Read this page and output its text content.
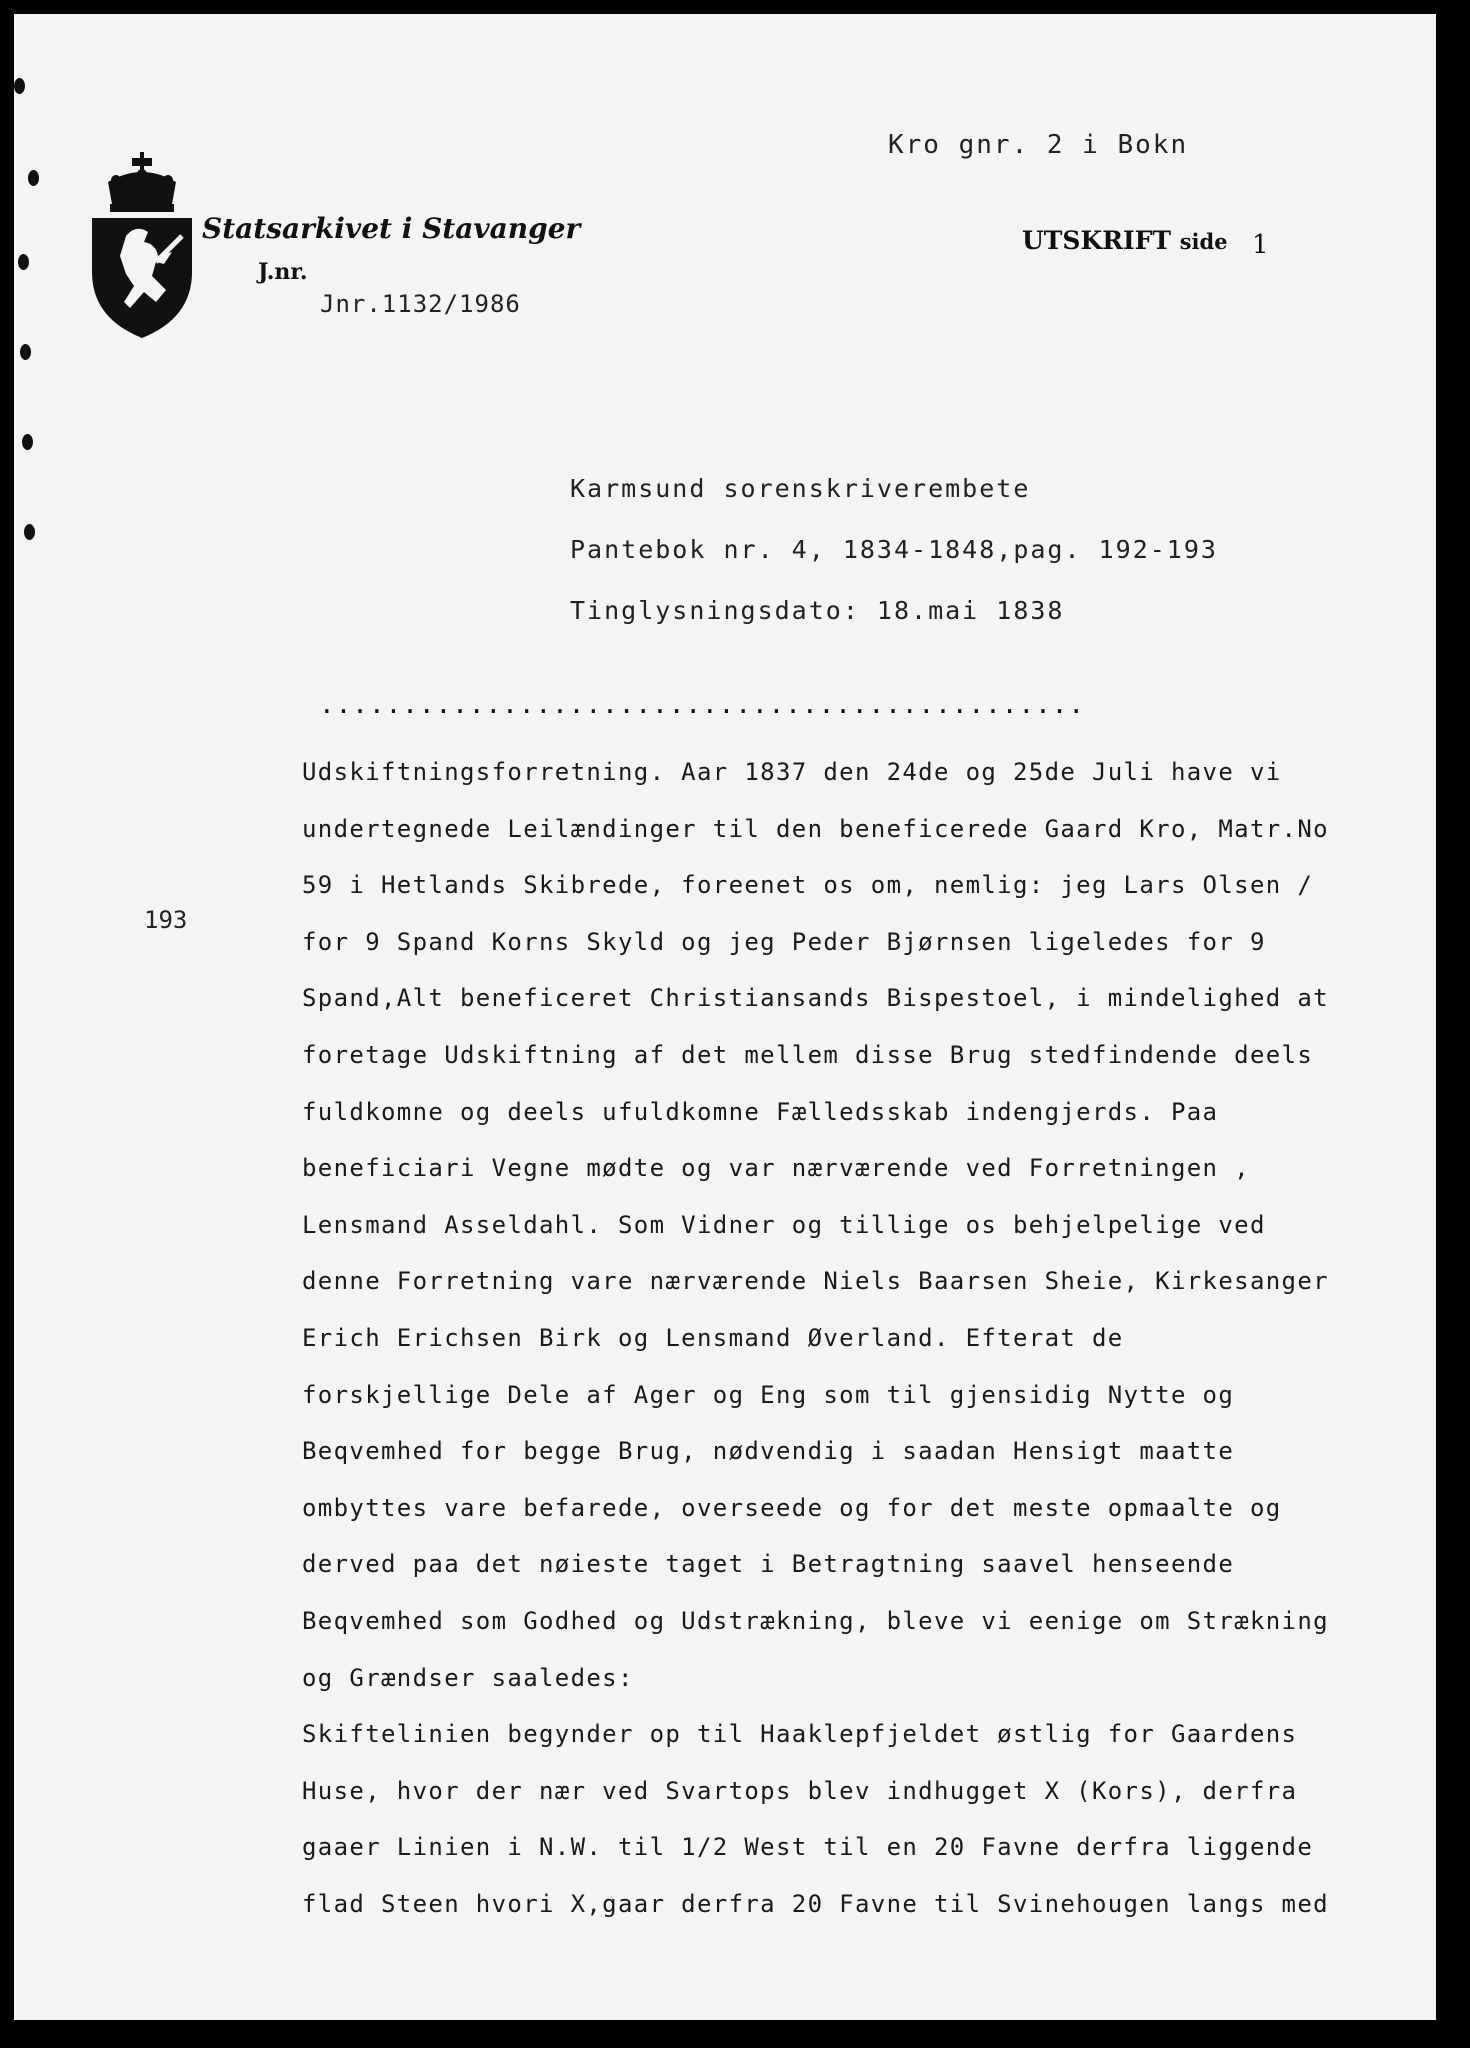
Statsarkivet i Stavanger
J.nr.
Jnr.1132/1986
Kro gnr. 2 i Bokn
UTSKRIFT side 1
Karmsund sorenskriverembete
Pantebok nr. 4, 1834-1848,pag. 192-193
Tinglysningsdato: 18.mai 1838
..............................................
193
Udskiftningsforretning. Aar 1837 den 24de og 25de Juli have vi
undertegnede Leilændinger til den beneficerede Gaard Kro, Matr.No
59 i Hetlands Skibrede, foreenet os om, nemlig: jeg Lars Olsen /
for 9 Spand Korns Skyld og jeg Peder Bjørnsen ligeledes for 9
Spand,Alt beneficeret Christiansands Bispestoel, i mindelighed at
foretage Udskiftning af det mellem disse Brug stedfindende deels
fuldkomne og deels ufuldkomne Fælledsskab indengjerds. Paa
beneficiari Vegne mødte og var nærværende ved Forretningen ,
Lensmand Asseldahl. Som Vidner og tillige os behjelpelige ved
denne Forretning vare nærværende Niels Baarsen Sheie, Kirkesanger
Erich Erichsen Birk og Lensmand Øverland. Efterat de
forskjellige Dele af Ager og Eng som til gjensidig Nytte og
Beqvemhed for begge Brug, nødvendig i saadan Hensigt maatte
ombyttes vare befarede, overseede og for det meste opmaalte og
derved paa det nøieste taget i Betragtning saavel henseende
Beqvemhed som Godhed og Udstrækning, bleve vi eenige om Strækning
og Grændser saaledes:
Skiftelinien begynder op til Haaklepfjeldet østlig for Gaardens
Huse, hvor der nær ved Svartops blev indhugget X (Kors), derfra
gaaer Linien i N.W. til 1/2 West til en 20 Favne derfra liggende
flad Steen hvori X,gaar derfra 20 Favne til Svinehougen langs med
